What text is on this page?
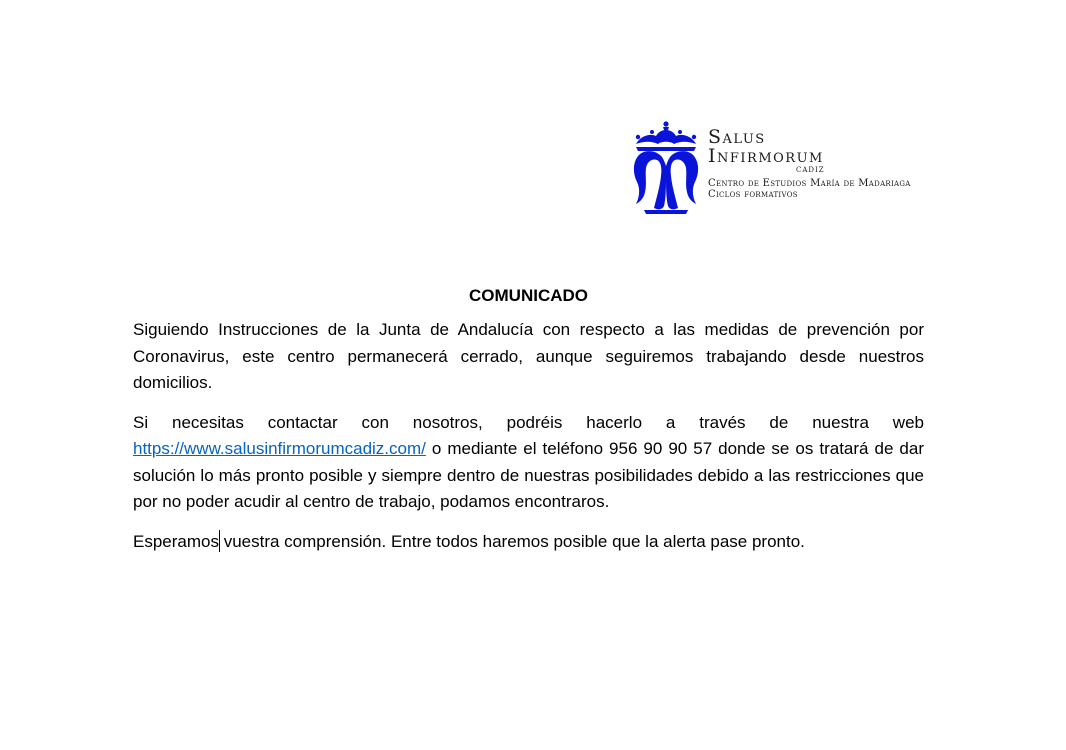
Salus
Infirmorum
CADIZ
Centro de Estudios María de Madariaga
Ciclos formativos

COMUNICADO

Siguiendo Instrucciones de la Junta de Andalucía con respecto a las medidas de prevención por Coronavirus, este centro permanecerá cerrado, aunque seguiremos trabajando desde nuestros domicilios.

Si necesitas contactar con nosotros, podréis hacerlo a través de nuestra web https://www.salusinfirmorumcadiz.com/ o mediante el teléfono 956 90 90 57 donde se os tratará de dar solución lo más pronto posible y siempre dentro de nuestras posibilidades debido a las restricciones que por no poder acudir al centro de trabajo, podamos encontraros.

Esperamos vuestra comprensión. Entre todos haremos posible que la alerta pase pronto.
